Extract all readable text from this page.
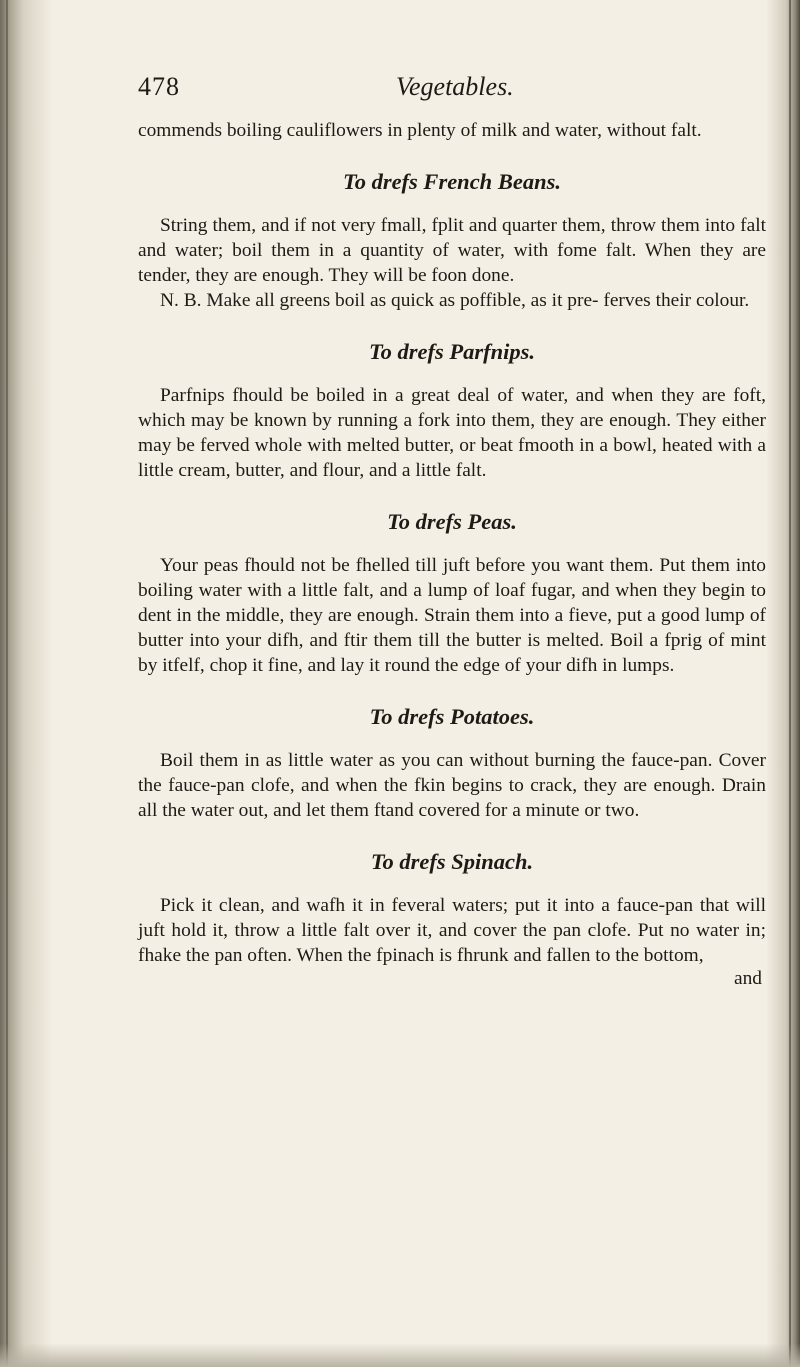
478	Vegetables.

commends boiling cauliflowers in plenty of milk and water, without falt.

To drefs French Beans.

String them, and if not very fmall, fplit and quarter them, throw them into falt and water; boil them in a quantity of water, with fome falt. When they are tender, they are enough. They will be foon done.

N. B. Make all greens boil as quick as poffible, as it pre- ferves their colour.

To drefs Parfnips.

Parfnips fhould be boiled in a great deal of water, and when they are foft, which may be known by running a fork into them, they are enough. They either may be ferved whole with melted butter, or beat fmooth in a bowl, heated with a little cream, butter, and flour, and a little falt.

To drefs Peas.

Your peas fhould not be fhelled till juft before you want them. Put them into boiling water with a little falt, and a lump of loaf fugar, and when they begin to dent in the middle, they are enough. Strain them into a fieve, put a good lump of butter into your difh, and ftir them till the butter is melted. Boil a fprig of mint by itfelf, chop it fine, and lay it round the edge of your difh in lumps.

To drefs Potatoes.

Boil them in as little water as you can without burning the fauce-pan. Cover the fauce-pan clofe, and when the fkin begins to crack, they are enough. Drain all the water out, and let them ftand covered for a minute or two.

To drefs Spinach.

Pick it clean, and wafh it in feveral waters; put it into a fauce-pan that will juft hold it, throw a little falt over it, and cover the pan clofe. Put no water in; fhake the pan often. When the fpinach is fhrunk and fallen to the bottom,

and
